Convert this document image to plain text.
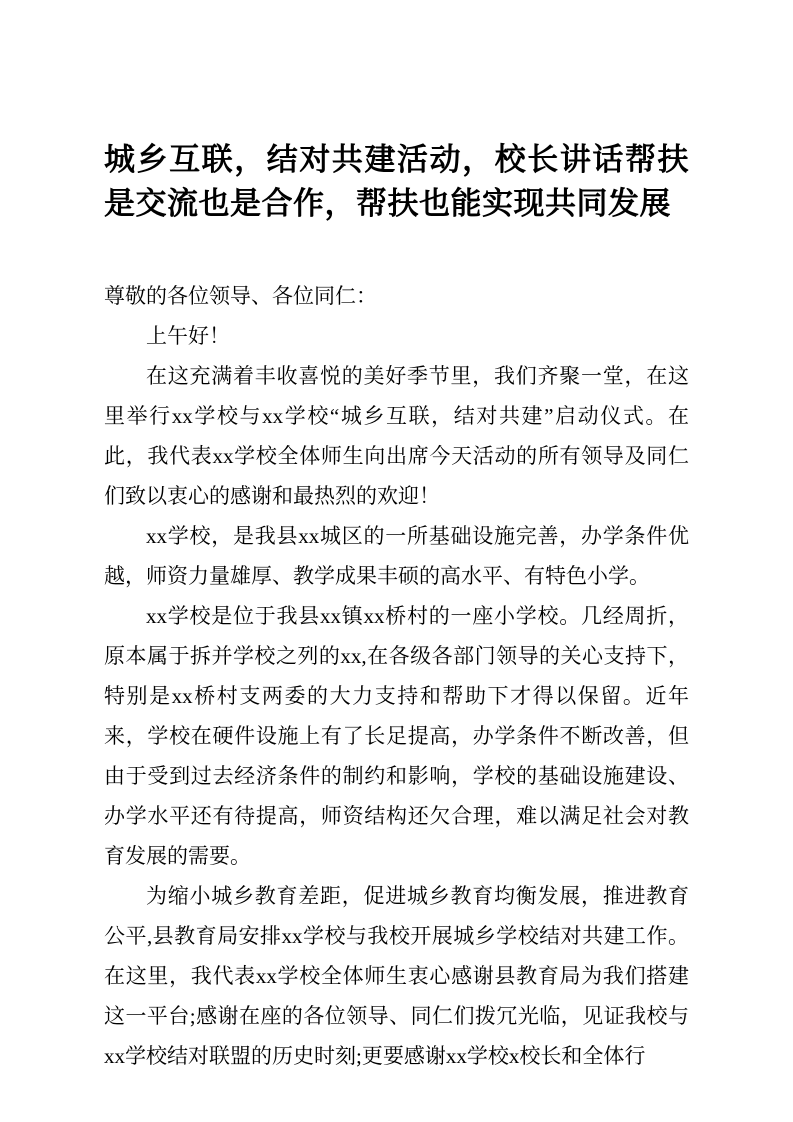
城乡互联，结对共建活动，校长讲话帮扶是交流也是合作，帮扶也能实现共同发展

尊敬的各位领导、各位同仁：

上午好！

在这充满着丰收喜悦的美好季节里，我们齐聚一堂，在这里举行xx学校与xx学校“城乡互联，结对共建”启动仪式。在此，我代表xx学校全体师生向出席今天活动的所有领导及同仁们致以衷心的感谢和最热烈的欢迎！

xx学校，是我县xx城区的一所基础设施完善，办学条件优越，师资力量雄厚、教学成果丰硕的高水平、有特色小学。

xx学校是位于我县xx镇xx桥村的一座小学校。几经周折，原本属于拆并学校之列的xx,在各级各部门领导的关心支持下，特别是xx桥村支两委的大力支持和帮助下才得以保留。近年来，学校在硬件设施上有了长足提高，办学条件不断改善，但由于受到过去经济条件的制约和影响，学校的基础设施建设、办学水平还有待提高，师资结构还欠合理，难以满足社会对教育发展的需要。

为缩小城乡教育差距，促进城乡教育均衡发展，推进教育公平,县教育局安排xx学校与我校开展城乡学校结对共建工作。在这里，我代表xx学校全体师生衷心感谢县教育局为我们搭建这一平台;感谢在座的各位领导、同仁们拨冗光临，见证我校与xx学校结对联盟的历史时刻;更要感谢xx学校x校长和全体行
